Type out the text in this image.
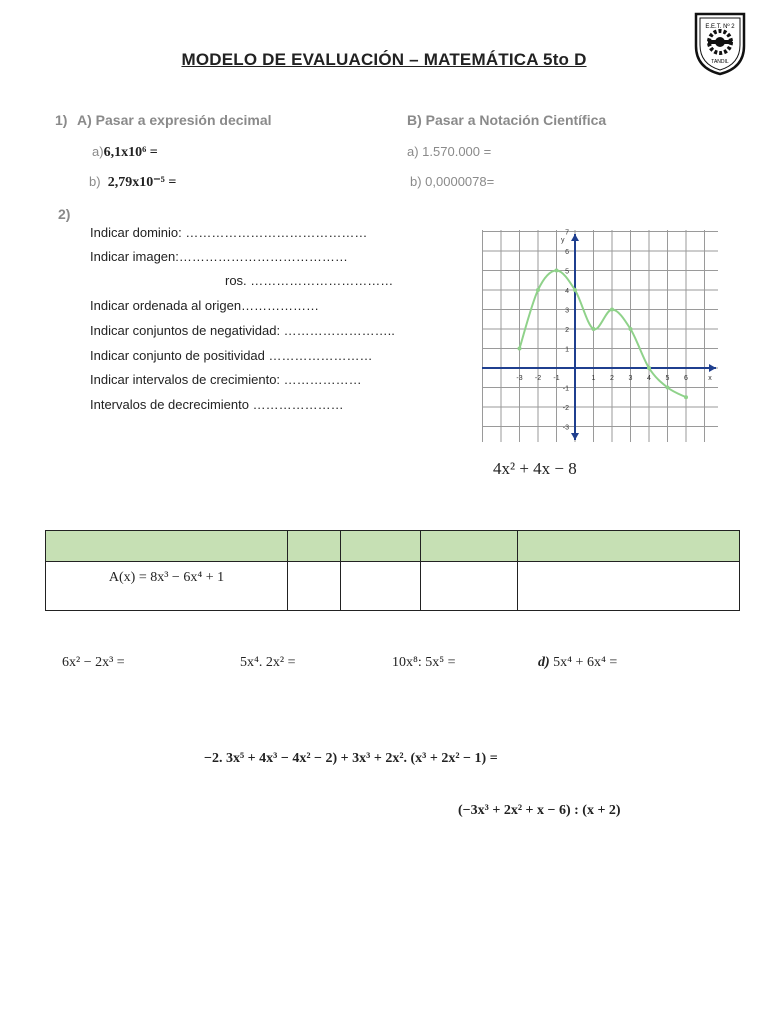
MODELO DE EVALUACIÓN – MATEMÁTICA 5to D
E.E.T. Nº 2
TANDIL
1) A) Pasar a expresión decimal	B) Pasar a Notación Científica
a)6,1x10⁶ =
b) 2,79x10⁻⁵ =
a) 1.570.000 =
b) 0,0000078=
2)
Indicar dominio: ……………………………………
Indicar imagen:…………………………………
ros. ……………………………
Indicar ordenada al origen………………
Indicar conjuntos de negatividad: ……………………..
Indicar conjunto de positividad ……………………
Indicar intervalos de crecimiento: ………………
Intervalos de decrecimiento …………………
-3 -2 -1	1 2 3 4 5 6	x
7
6
5
4
3
2
1
-1
-2
-3
y
4x² + 4x − 8

A(x) = 8x³ − 6x⁴ + 1				
6x² − 2x³ =	5x⁴. 2x² =	10x⁸: 5x⁵ =	d) 5x⁴ + 6x⁴ =
−2. 3x⁵ + 4x³ − 4x² − 2) + 3x³ + 2x². (x³ + 2x² − 1) =
(−3x³ + 2x² + x − 6) : (x + 2)
